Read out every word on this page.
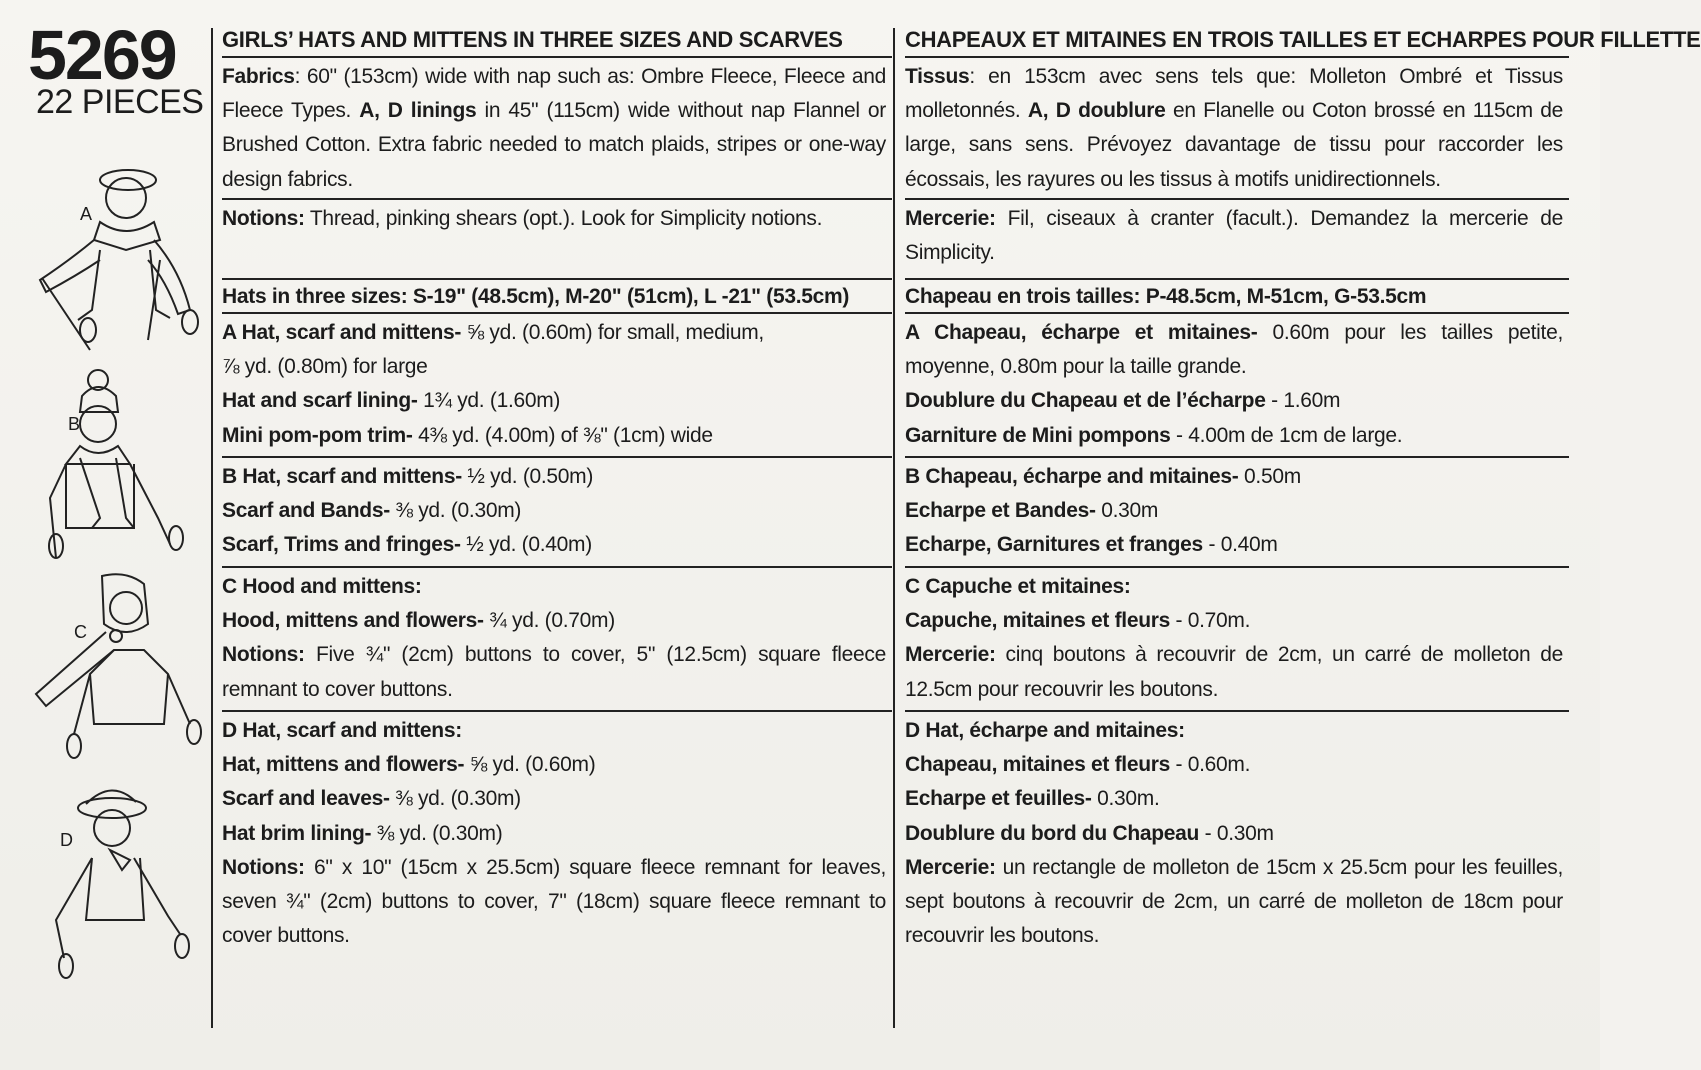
5269
22 PIECES
A
B
C
D
GIRLS’ HATS AND MITTENS IN THREE SIZES AND SCARVES

Fabrics: 60" (153cm) wide with nap such as: Ombre Fleece, Fleece and Fleece Types. A, D linings in 45" (115cm) wide without nap Flannel or Brushed Cotton. Extra fabric needed to match plaids, stripes or one-way design fabrics.

Notions: Thread, pinking shears (opt.). Look for Simplicity notions.

Hats in three sizes: S-19" (48.5cm), M-20" (51cm), L -21" (53.5cm)

A Hat, scarf and mittens- ⅝ yd. (0.60m) for small, medium,
⅞ yd. (0.80m) for large
Hat and scarf lining- 1¾ yd. (1.60m)
Mini pom-pom trim- 4⅜ yd. (4.00m) of ⅜" (1cm) wide

B Hat, scarf and mittens- ½ yd. (0.50m)
Scarf and Bands- ⅜ yd. (0.30m)
Scarf, Trims and fringes- ½ yd. (0.40m)

C Hood and mittens:
Hood, mittens and flowers- ¾ yd. (0.70m)
Notions: Five ¾" (2cm) buttons to cover, 5" (12.5cm) square fleece remnant to cover buttons.

D Hat, scarf and mittens:
Hat, mittens and flowers- ⅝ yd. (0.60m)
Scarf and leaves- ⅜ yd. (0.30m)
Hat brim lining- ⅜ yd. (0.30m)
Notions: 6" x 10" (15cm x 25.5cm) square fleece remnant for leaves, seven ¾" (2cm) buttons to cover, 7" (18cm) square fleece remnant to cover buttons.

CHAPEAUX ET MITAINES EN TROIS TAILLES ET ECHARPES POUR FILLETTE

Tissus: en 153cm avec sens tels que: Molleton Ombré et Tissus molletonnés. A, D doublure en Flanelle ou Coton brossé en 115cm de large, sans sens. Prévoyez davantage de tissu pour raccorder les écossais, les rayures ou les tissus à motifs unidirectionnels.

Mercerie: Fil, ciseaux à cranter (facult.). Demandez la mercerie de Simplicity.

Chapeau en trois tailles: P-48.5cm, M-51cm, G-53.5cm

A Chapeau, écharpe et mitaines- 0.60m pour les tailles petite, moyenne, 0.80m pour la taille grande.
Doublure du Chapeau et de l’écharpe - 1.60m
Garniture de Mini pompons - 4.00m de 1cm de large.

B Chapeau, écharpe and mitaines- 0.50m
Echarpe et Bandes- 0.30m
Echarpe, Garnitures et franges - 0.40m

C Capuche et mitaines:
Capuche, mitaines et fleurs - 0.70m.
Mercerie: cinq boutons à recouvrir de 2cm, un carré de molleton de 12.5cm pour recouvrir les boutons.

D Hat, écharpe and mitaines:
Chapeau, mitaines et fleurs - 0.60m.
Echarpe et feuilles- 0.30m.
Doublure du bord du Chapeau - 0.30m
Mercerie: un rectangle de molleton de 15cm x 25.5cm pour les feuilles, sept boutons à recouvrir de 2cm, un carré de molleton de 18cm pour recouvrir les boutons.
